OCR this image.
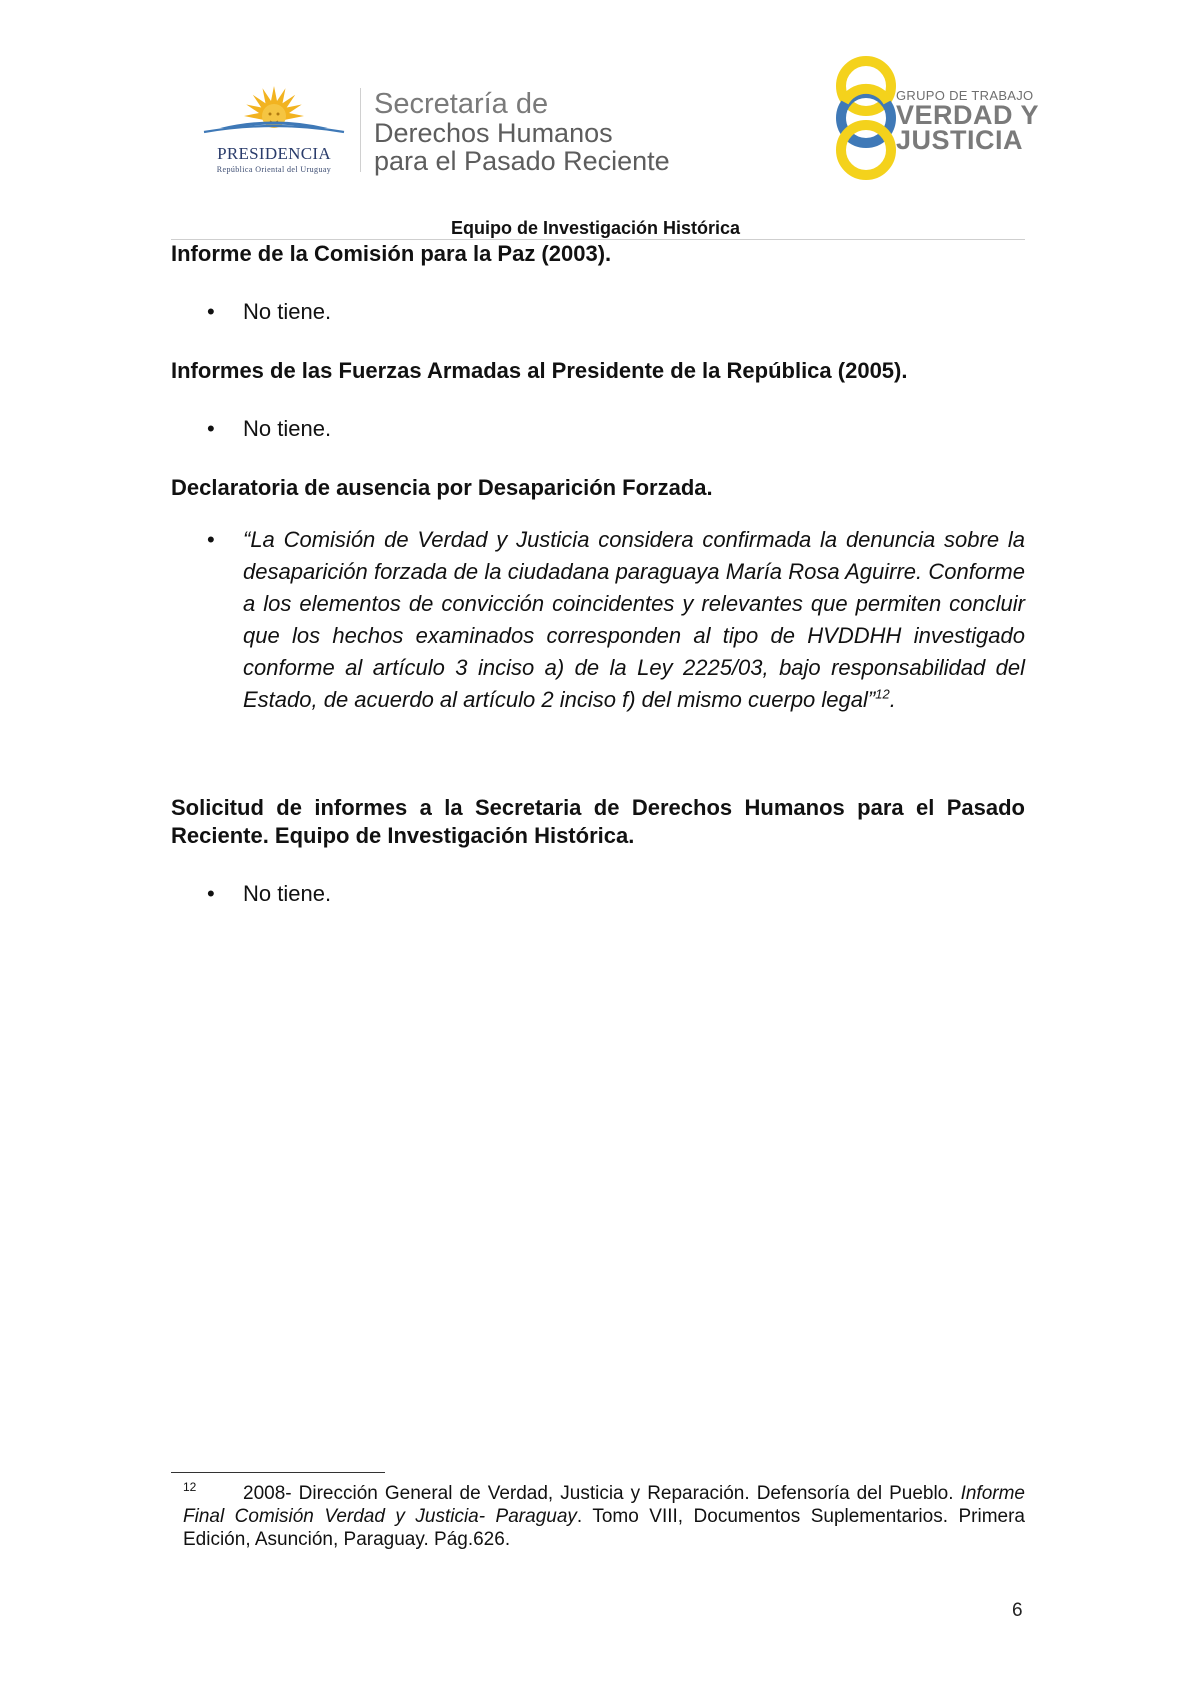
PRESIDENCIA
República Oriental del Uruguay
Secretaría de
Derechos Humanos
para el Pasado Reciente
GRUPO DE TRABAJO
VERDAD Y
JUSTICIA
Equipo de Investigación Histórica
Informe de la Comisión para la Paz (2003).
•	No tiene.
Informes de las Fuerzas Armadas al Presidente de la República (2005).
•	No tiene.
Declaratoria de ausencia por Desaparición Forzada.
• “La Comisión de Verdad y Justicia considera confirmada la denuncia sobre la desaparición forzada de la ciudadana paraguaya María Rosa Aguirre. Conforme a los elementos de convicción coincidentes y relevantes que permiten concluir que los hechos examinados corresponden al tipo de HVDDHH investigado conforme al artículo 3 inciso a) de la Ley 2225/03, bajo responsabilidad del Estado, de acuerdo al artículo 2 inciso f) del mismo cuerpo legal”$^{12}$.
Solicitud de informes a la Secretaria de Derechos Humanos para el Pasado Reciente. Equipo de Investigación Histórica.
•	No tiene.
12	2008- Dirección General de Verdad, Justicia y Reparación. Defensoría del Pueblo. Informe Final Comisión Verdad y Justicia- Paraguay. Tomo VIII, Documentos Suplementarios. Primera Edición, Asunción, Paraguay. Pág.626.
6
